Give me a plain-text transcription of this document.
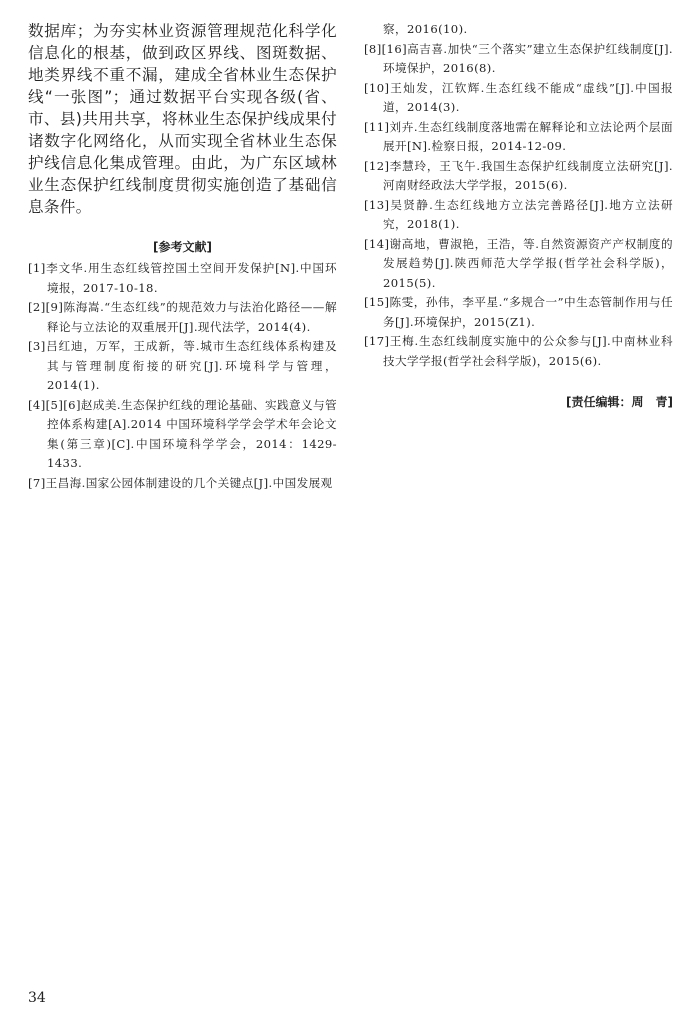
数据库；为夯实林业资源管理规范化科学化信息化的根基，做到政区界线、图斑数据、地类界线不重不漏，建成全省林业生态保护线“一张图”；通过数据平台实现各级(省、市、县)共用共享，将林业生态保护线成果付诸数字化网络化，从而实现全省林业生态保护线信息化集成管理。由此，为广东区域林业生态保护红线制度贯彻实施创造了基础信息条件。

[参考文献]

[1]李文华.用生态红线管控国土空间开发保护[N].中国环境报，2017-10-18.

[2][9]陈海嵩.“生态红线”的规范效力与法治化路径——解释论与立法论的双重展开[J].现代法学，2014(4).

[3]吕红迪，万军，王成新，等.城市生态红线体系构建及其与管理制度衔接的研究[J].环境科学与管理，2014(1).

[4][5][6]赵成美.生态保护红线的理论基础、实践意义与管控体系构建[A].2014 中国环境科学学会学术年会论文集(第三章)[C].中国环境科学学会，2014：1429-1433.

[7]王昌海.国家公园体制建设的几个关键点[J].中国发展观

察，2016(10).

[8][16]高吉喜.加快“三个落实”建立生态保护红线制度[J].环境保护，2016(8).

[10]王灿发，江钦辉.生态红线不能成“虚线”[J].中国报道，2014(3).

[11]刘卉.生态红线制度落地需在解释论和立法论两个层面展开[N].检察日报，2014-12-09.

[12]李慧玲，王飞午.我国生态保护红线制度立法研究[J].河南财经政法大学学报，2015(6).

[13]吴贤静.生态红线地方立法完善路径[J].地方立法研究，2018(1).

[14]谢高地，曹淑艳，王浩，等.自然资源资产产权制度的发展趋势[J].陕西师范大学学报(哲学社会科学版)，2015(5).

[15]陈雯，孙伟，李平星.“多规合一”中生态管制作用与任务[J].环境保护，2015(Z1).

[17]王梅.生态红线制度实施中的公众参与[J].中南林业科技大学学报(哲学社会科学版)，2015(6).

[责任编辑：周　青]
34
